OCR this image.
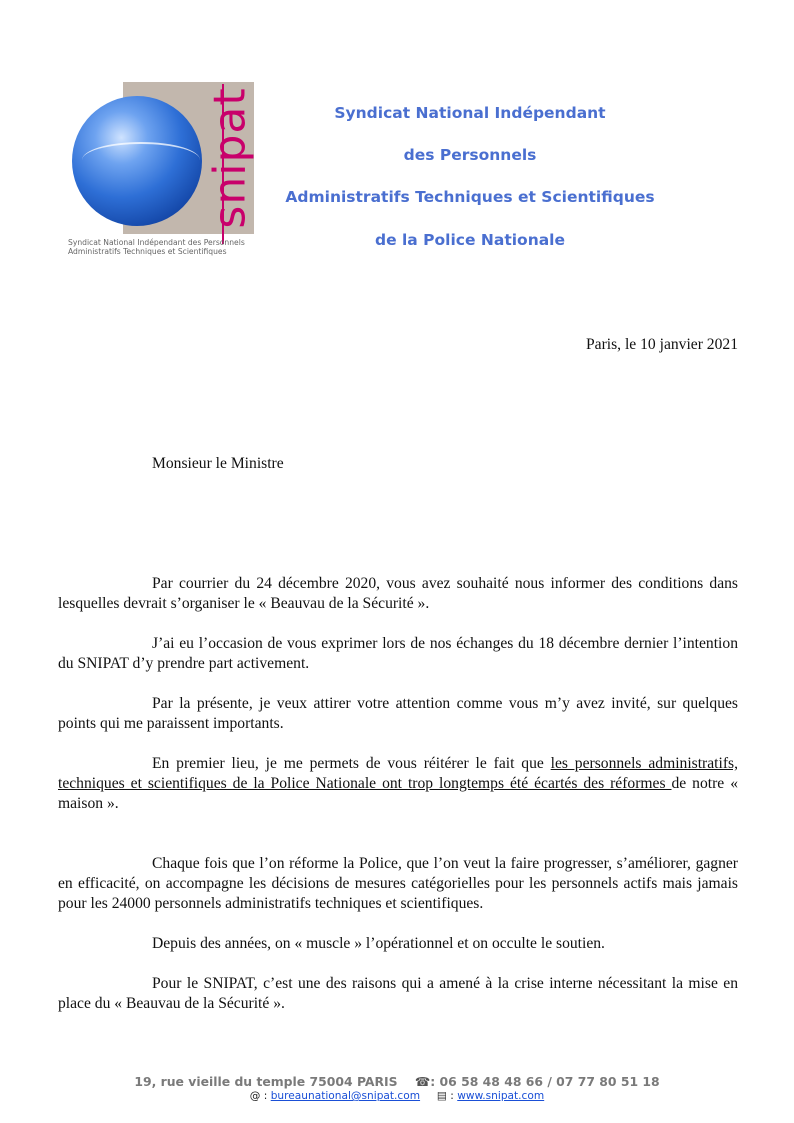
snipat
Syndicat National Indépendant des Personnels
Administratifs Techniques et Scientifiques
Syndicat National Indépendant
des Personnels
Administratifs Techniques et Scientifiques
de la Police Nationale
Paris, le 10 janvier 2021
Monsieur le Ministre
Par courrier du 24 décembre 2020, vous avez souhaité nous informer des conditions dans lesquelles devrait s’organiser le « Beauvau de la Sécurité ».
J’ai eu l’occasion de vous exprimer lors de nos échanges du 18 décembre dernier l’intention du SNIPAT d’y prendre part activement.
Par la présente, je veux attirer votre attention comme vous m’y avez invité, sur quelques points qui me paraissent importants.
En premier lieu, je me permets de vous réitérer le fait que les personnels administratifs, techniques et scientifiques de la Police Nationale ont trop longtemps été écartés des réformes de notre « maison ».
Chaque fois que l’on réforme la Police, que l’on veut la faire progresser, s’améliorer, gagner en efficacité, on accompagne les décisions de mesures catégorielles pour les personnels actifs mais jamais pour les 24000 personnels administratifs techniques et scientifiques.
Depuis des années, on « muscle » l’opérationnel et on occulte le soutien.
Pour le SNIPAT, c’est une des raisons qui a amené à la crise interne nécessitant la mise en place du « Beauvau de la Sécurité ».
19, rue vieille du temple 75004 PARIS ☎: 06 58 48 48 66 / 07 77 80 51 18
@ : bureaunational@snipat.com ▤ : www.snipat.com
